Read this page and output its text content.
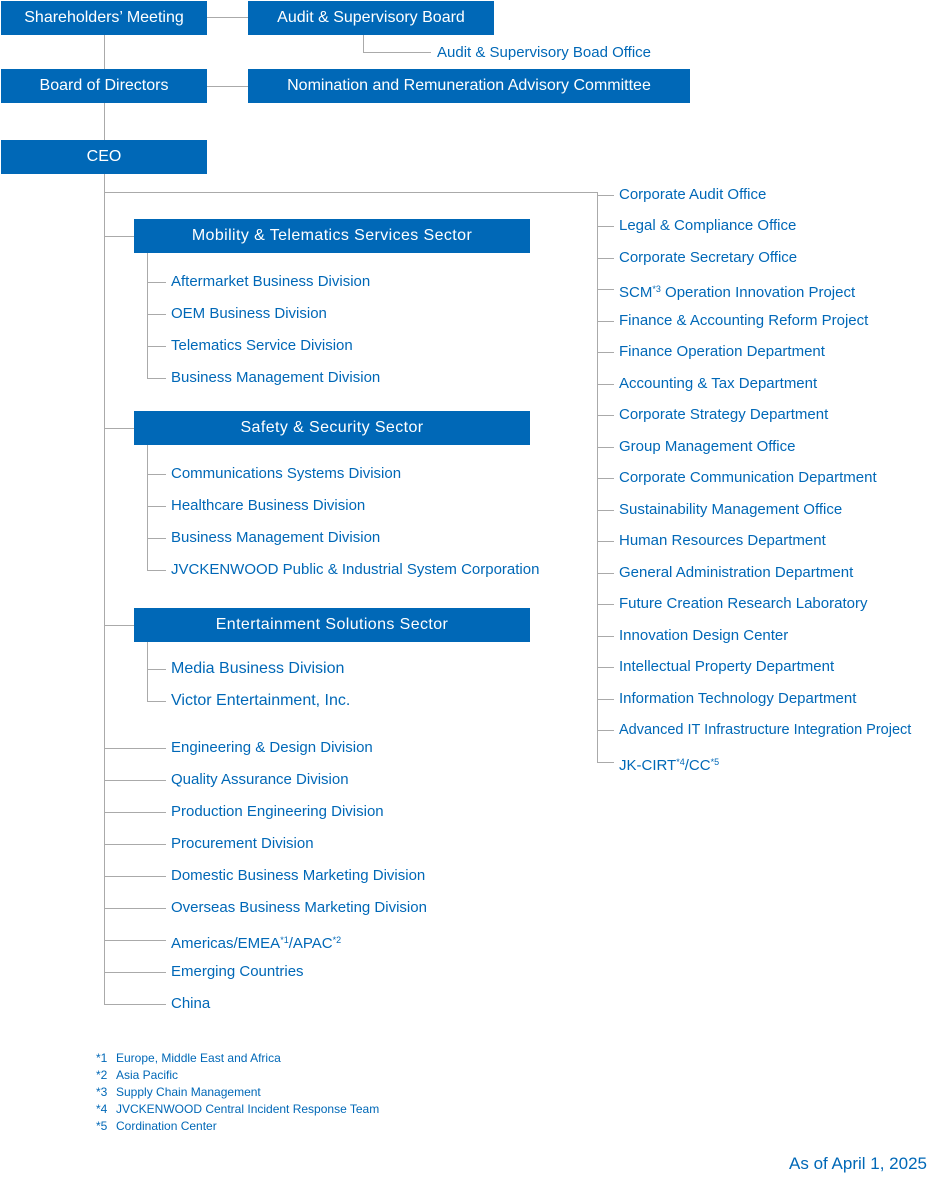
Shareholders’ Meeting	Audit & Supervisory Board
Audit & Supervisory Boad Office
Board of Directors	Nomination and Remuneration Advisory Committee
CEO
Mobility & Telematics Services Sector
Aftermarket Business Division
OEM Business Division
Telematics Service Division
Business Management Division
Safety & Security Sector
Communications Systems Division
Healthcare Business Division
Business Management Division
JVCKENWOOD Public & Industrial System Corporation
Entertainment Solutions Sector
Media Business Division
Victor Entertainment, Inc.
Engineering & Design Division
Quality Assurance Division
Production Engineering Division
Procurement Division
Domestic Business Marketing Division
Overseas Business Marketing Division
Americas/EMEA$^{*1}$/APAC$^{*2}$
Emerging Countries
China
Corporate Audit Office
Legal & Compliance Office
Corporate Secretary Office
SCM$^{*3}$ Operation Innovation Project
Finance & Accounting Reform Project
Finance Operation Department
Accounting & Tax Department
Corporate Strategy Department
Group Management Office
Corporate Communication Department
Sustainability Management Office
Human Resources Department
General Administration Department
Future Creation Research Laboratory
Innovation Design Center
Intellectual Property Department
Information Technology Department
Advanced IT Infrastructure Integration Project
JK-CIRT$^{*4}$/CC$^{*5}$
*1 Europe, Middle East and Africa
*2 Asia Pacific
*3 Supply Chain Management
*4 JVCKENWOOD Central Incident Response Team
*5 Cordination Center
As of April 1, 2025
